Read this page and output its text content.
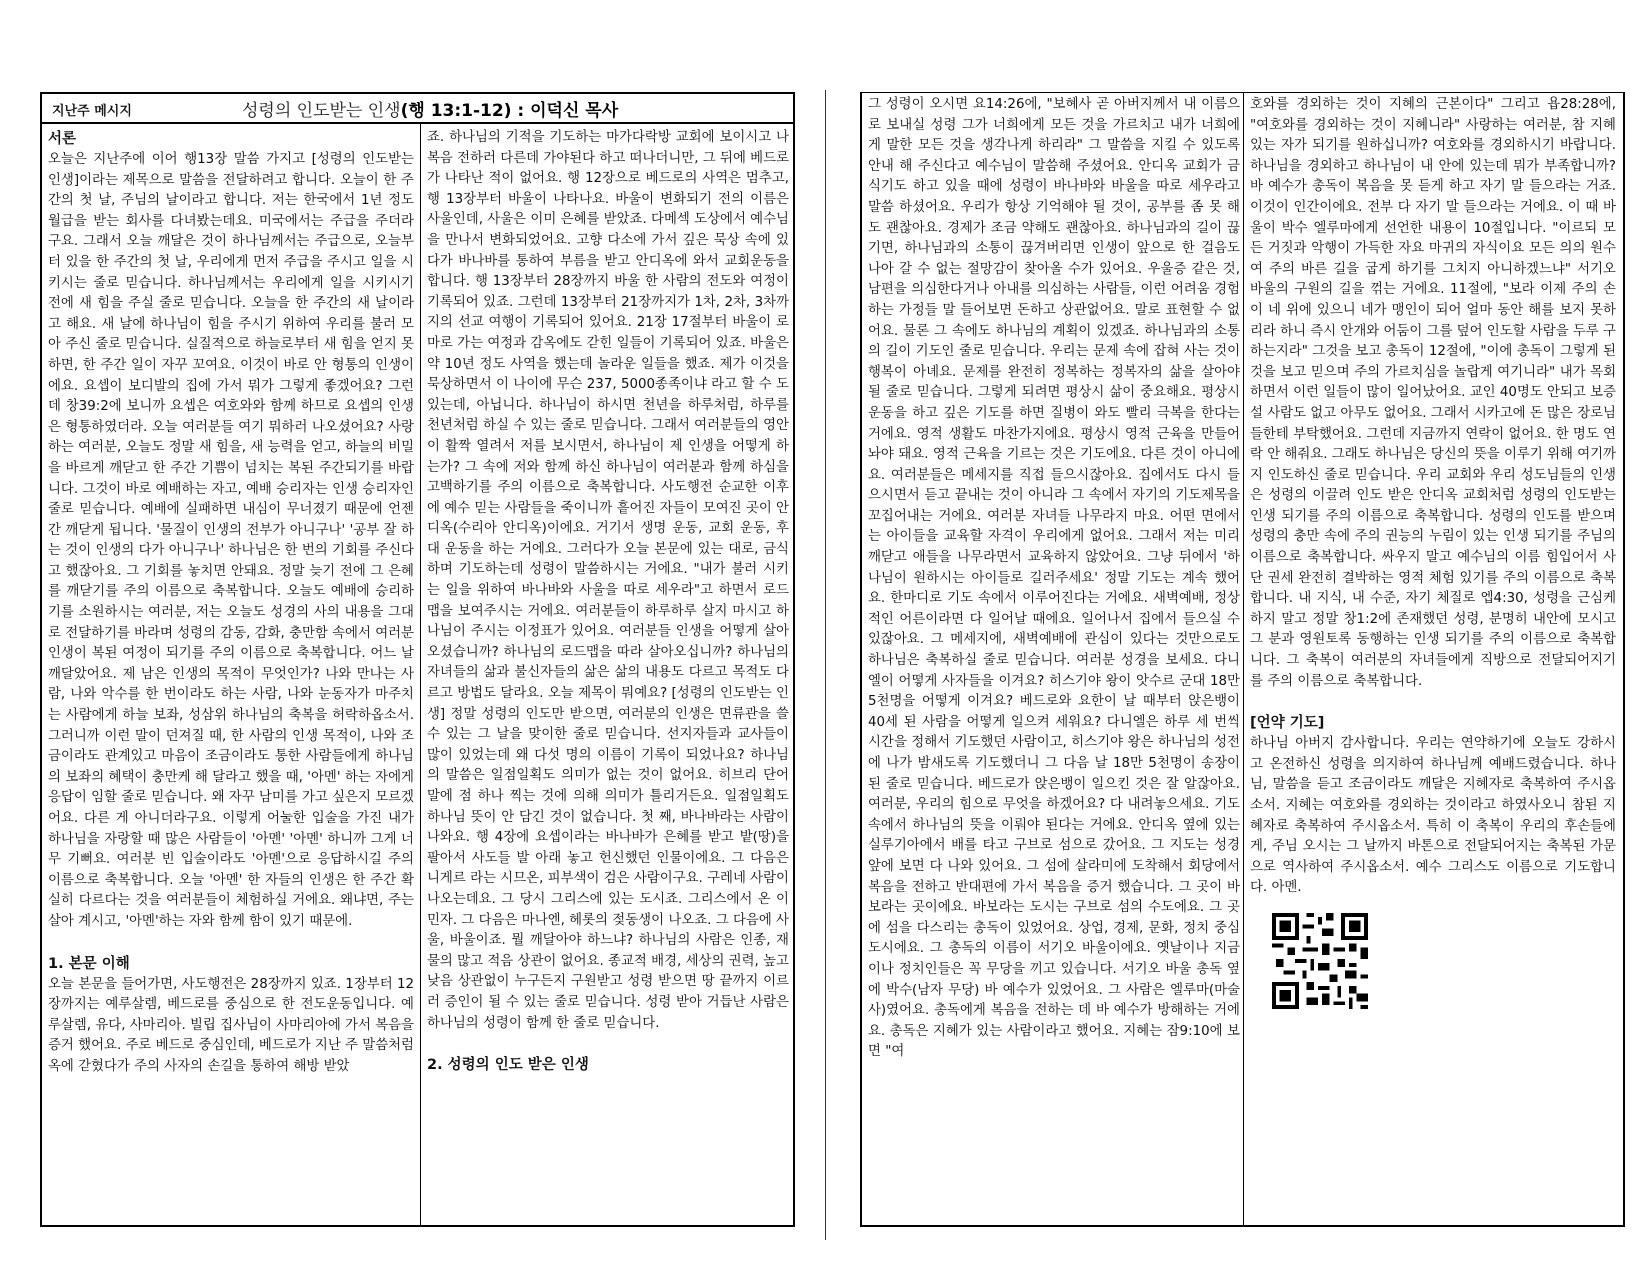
지난주 메시지	성령의 인도받는 인생(행 13:1-12) : 이덕신 목사
서론

오늘은 지난주에 이어 행13장 말씀 가지고 [성령의 인도받는 인생]이라는 제목으로 말씀을 전달하려고 합니다. 오늘이 한 주간의 첫 날, 주님의 날이라고 합니다. 저는 한국에서 1년 정도 월급을 받는 회사를 다녀봤는데요. 미국에서는 주급을 주더라구요. 그래서 오늘 깨달은 것이 하나님께서는 주급으로, 오늘부터 있을 한 주간의 첫 날, 우리에게 먼저 주급을 주시고 일을 시키시는 줄로 믿습니다. 하나님께서는 우리에게 일을 시키시기 전에 새 힘을 주실 줄로 믿습니다. 오늘을 한 주간의 새 날이라고 해요. 새 날에 하나님이 힘을 주시기 위하여 우리를 불러 모아 주신 줄로 믿습니다. 실질적으로 하늘로부터 새 힘을 얻지 못하면, 한 주간 일이 자꾸 꼬여요. 이것이 바로 안 형통의 인생이에요. 요셉이 보디발의 집에 가서 뭐가 그렇게 좋겠어요? 그런데 창39:2에 보니까 요셉은 여호와와 함께 하므로 요셉의 인생은 형통하였더라. 오늘 여러분들 여기 뭐하러 나오셨어요? 사랑하는 여러분, 오늘도 정말 새 힘을, 새 능력을 얻고, 하늘의 비밀을 바르게 깨닫고 한 주간 기쁨이 넘치는 복된 주간되기를 바랍니다. 그것이 바로 예배하는 자고, 예배 승리자는 인생 승리자인 줄로 믿습니다. 예배에 실패하면 내심이 무너졌기 때문에 언젠간 깨닫게 됩니다. '물질이 인생의 전부가 아니구나' '공부 잘 하는 것이 인생의 다가 아니구나' 하나님은 한 번의 기회를 주신다고 했잖아요. 그 기회를 놓치면 안돼요. 정말 늦기 전에 그 은혜를 깨닫기를 주의 이름으로 축복합니다. 오늘도 예배에 승리하기를 소원하시는 여러분, 저는 오늘도 성경의 사의 내용을 그대로 전달하기를 바라며 성령의 감동, 감화, 충만함 속에서 여러분 인생이 복된 여정이 되기를 주의 이름으로 축복합니다. 어느 날 깨달았어요. 제 남은 인생의 목적이 무엇인가? 나와 만나는 사람, 나와 악수를 한 번이라도 하는 사람, 나와 눈동자가 마주치는 사람에게 하늘 보좌, 성삼위 하나님의 축복을 허락하옵소서. 그러니까 이런 말이 던져질 때, 한 사람의 인생 목적이, 나와 조금이라도 관계있고 마음이 조금이라도 통한 사람들에게 하나님의 보좌의 혜택이 충만케 해 달라고 했을 때, '아멘' 하는 자에게 응답이 임할 줄로 믿습니다. 왜 자꾸 남미를 가고 싶은지 모르겠어요. 다른 게 아니더라구요. 이렇게 어눌한 입술을 가진 내가 하나님을 자랑할 때 많은 사람들이 '아멘' '아멘' 하니까 그게 너무 기뻐요. 여러분 빈 입술이라도 '아멘'으로 응답하시길 주의 이름으로 축복합니다. 오늘 '아멘' 한 자들의 인생은 한 주간 확실히 다르다는 것을 여러분들이 체험하실 거에요. 왜냐면, 주는 살아 계시고, '아멘'하는 자와 함께 함이 있기 때문에.

1. 본문 이해

오늘 본문을 들어가면, 사도행전은 28장까지 있죠. 1장부터 12장까지는 예루살렘, 베드로를 중심으로 한 전도운동입니다. 예루살렘, 유다, 사마리아. 빌립 집사님이 사마리아에 가서 복음을 증거 했어요. 주로 베드로 중심인데, 베드로가 지난 주 말씀처럼 옥에 갇혔다가 주의 사자의 손길을 통하여 해방 받았

죠. 하나님의 기적을 기도하는 마가다락방 교회에 보이시고 나 복음 전하러 다른데 가야된다 하고 떠나더니만, 그 뒤에 베드로가 나타난 적이 없어요. 행 12장으로 베드로의 사역은 멈추고, 행 13장부터 바울이 나타나요. 바울이 변화되기 전의 이름은 사울인데, 사울은 이미 은혜를 받았죠. 다메섹 도상에서 예수님을 만나서 변화되었어요. 고향 다소에 가서 깊은 묵상 속에 있다가 바나바를 통하여 부름을 받고 안디옥에 와서 교회운동을 합니다. 행 13장부터 28장까지 바울 한 사람의 전도와 여정이 기록되어 있죠. 그런데 13장부터 21장까지가 1차, 2차, 3차까지의 선교 여행이 기록되어 있어요. 21장 17절부터 바울이 로마로 가는 여정과 감옥에도 갇힌 일들이 기록되어 있죠. 바울은 약 10년 정도 사역을 했는데 놀라운 일들을 했죠. 제가 이것을 묵상하면서 이 나이에 무슨 237, 5000종족이냐 라고 할 수 도 있는데, 아닙니다. 하나님이 하시면 천년을 하루처럼, 하루를 천년처럼 하실 수 있는 줄로 믿습니다. 그래서 여러분들의 영안이 활짝 열려서 저를 보시면서, 하나님이 제 인생을 어떻게 하는가? 그 속에 저와 함께 하신 하나님이 여러분과 함께 하심을 고백하기를 주의 이름으로 축복합니다. 사도행전 순교한 이후에 예수 믿는 사람들을 죽이니까 흩어진 자들이 모여진 곳이 안디옥(수리아 안디옥)이에요. 거기서 생명 운동, 교회 운동, 후대 운동을 하는 거에요. 그러다가 오늘 본문에 있는 대로, 금식하며 기도하는데 성령이 말씀하시는 거에요. "내가 불러 시키는 일을 위하여 바나바와 사울을 따로 세우라"고 하면서 로드맵을 보여주시는 거에요. 여러분들이 하루하루 살지 마시고 하나님이 주시는 이정표가 있어요. 여러분들 인생을 어떻게 살아 오셨습니까? 하나님의 로드맵을 따라 살아오십니까? 하나님의 자녀들의 삶과 불신자들의 삶은 삶의 내용도 다르고 목적도 다르고 방법도 달라요. 오늘 제목이 뭐예요? [성령의 인도받는 인생] 정말 성령의 인도만 받으면, 여러분의 인생은 면류관을 쓸 수 있는 그 날을 맞이한 줄로 믿습니다. 선지자들과 교사들이 많이 있었는데 왜 다섯 명의 이름이 기록이 되었나요? 하나님의 말씀은 일점일획도 의미가 없는 것이 없어요. 히브리 단어 말에 점 하나 찍는 것에 의해 의미가 틀리거든요. 일점일획도 하나님 뜻이 안 담긴 것이 없습니다. 첫 째, 바나바라는 사람이 나와요. 행 4장에 요셉이라는 바나바가 은혜를 받고 밭(땅)을 팔아서 사도들 발 아래 놓고 헌신했던 인물이에요. 그 다음은 니게르 라는 시므온, 피부색이 검은 사람이구요. 구레네 사람이 나오는데요. 그 당시 그리스에 있는 도시죠. 그리스에서 온 이민자. 그 다음은 마나엔, 헤롯의 젖동생이 나오죠. 그 다음에 사울, 바울이죠. 뭘 깨달아야 하느냐? 하나님의 사람은 인종, 재물의 많고 적음 상관이 없어요. 종교적 배경, 세상의 권력, 높고 낮음 상관없이 누구든지 구원받고 성령 받으면 땅 끝까지 이르러 증인이 될 수 있는 줄로 믿습니다. 성령 받아 거듭난 사람은 하나님의 성령이 함께 한 줄로 믿습니다.

2. 성령의 인도 받은 인생

그 성령이 오시면 요14:26에, "보혜사 곧 아버지께서 내 이름으로 보내실 성령 그가 너희에게 모든 것을 가르치고 내가 너희에게 말한 모든 것을 생각나게 하리라" 그 말씀을 지킬 수 있도록 안내 해 주신다고 예수님이 말씀해 주셨어요. 안디옥 교회가 금식기도 하고 있을 때에 성령이 바나바와 바울을 따로 세우라고 말씀 하셨어요. 우리가 항상 기억해야 될 것이, 공부를 좀 못 해도 괜찮아요. 경제가 조금 약해도 괜찮아요. 하나님과의 길이 끊기면, 하나님과의 소통이 끊겨버리면 인생이 앞으로 한 걸음도 나아 갈 수 없는 절망감이 찾아올 수가 있어요. 우울증 같은 것, 남편을 의심한다거나 아내를 의심하는 사람들, 이런 어려움 경험하는 가정들 말 들어보면 돈하고 상관없어요. 말로 표현할 수 없어요. 물론 그 속에도 하나님의 계획이 있겠죠. 하나님과의 소통의 길이 기도인 줄로 믿습니다. 우리는 문제 속에 잡혀 사는 것이 행복이 아녜요. 문제를 완전히 정복하는 정복자의 삶을 살아야 될 줄로 믿습니다. 그렇게 되려면 평상시 삶이 중요해요. 평상시 운동을 하고 깊은 기도를 하면 질병이 와도 빨리 극복을 한다는 거에요. 영적 생활도 마찬가지에요. 평상시 영적 근육을 만들어 놔야 돼요. 영적 근육을 기르는 것은 기도에요. 다른 것이 아니에요. 여러분들은 메세지를 직접 들으시잖아요. 집에서도 다시 들으시면서 듣고 끝내는 것이 아니라 그 속에서 자기의 기도제목을 꼬집어내는 거에요. 여러분 자녀들 나무라지 마요. 어떤 면에서는 아이들을 교육할 자격이 우리에게 없어요. 그래서 저는 미리 깨닫고 애들을 나무라면서 교육하지 않았어요. 그냥 뒤에서 '하나님이 원하시는 아이들로 길러주세요' 정말 기도는 계속 했어요. 한마디로 기도 속에서 이루어진다는 거에요. 새벽예배, 정상적인 어른이라면 다 일어날 때에요. 일어나서 집에서 들으실 수 있잖아요. 그 메세지에, 새벽예배에 관심이 있다는 것만으로도 하나님은 축복하실 줄로 믿습니다. 여러분 성경을 보세요. 다니엘이 어떻게 사자들을 이겨요? 히스기야 왕이 앗수르 군대 18만 5천명을 어떻게 이겨요? 베드로와 요한이 날 때부터 앉은뱅이 40세 된 사람을 어떻게 일으켜 세워요? 다니엘은 하루 세 번씩 시간을 정해서 기도했던 사람이고, 히스기야 왕은 하나님의 성전에 나가 밤새도록 기도했더니 그 다음 날 18만 5천명이 송장이 된 줄로 믿습니다. 베드로가 앉은뱅이 일으킨 것은 잘 알잖아요. 여러분, 우리의 힘으로 무엇을 하겠어요? 다 내려놓으세요. 기도 속에서 하나님의 뜻을 이뤄야 된다는 거에요. 안디옥 옆에 있는 실루기아에서 배를 타고 구브로 섬으로 갔어요. 그 지도는 성경 앞에 보면 다 나와 있어요. 그 섬에 살라미에 도착해서 회당에서 복음을 전하고 반대편에 가서 복음을 증거 했습니다. 그 곳이 바보라는 곳이에요. 바보라는 도시는 구브로 섬의 수도에요. 그 곳에 섬을 다스리는 총독이 있었어요. 상업, 경제, 문화, 정치 중심 도시에요. 그 총독의 이름이 서기오 바울이에요. 옛날이나 지금이나 정치인들은 꼭 무당을 끼고 있습니다. 서기오 바울 총독 옆에 박수(남자 무당) 바 예수가 있었어요. 그 사람은 엘루마(마술사)였어요. 총독에게 복음을 전하는 데 바 예수가 방해하는 거에요. 총독은 지혜가 있는 사람이라고 했어요. 지혜는 잠9:10에 보면 "여

호와를 경외하는 것이 지혜의 근본이다" 그리고 욥28:28에, "여호와를 경외하는 것이 지혜니라" 사랑하는 여러분, 참 지혜 있는 자가 되기를 원하십니까? 여호와를 경외하시기 바랍니다. 하나님을 경외하고 하나님이 내 안에 있는데 뭐가 부족합니까? 바 예수가 총독이 복음을 못 듣게 하고 자기 말 들으라는 거죠. 이것이 인간이에요. 전부 다 자기 말 들으라는 거에요. 이 때 바울이 박수 엘루마에게 선언한 내용이 10절입니다. "이르되 모든 거짓과 악행이 가득한 자요 마귀의 자식이요 모든 의의 원수여 주의 바른 길을 굽게 하기를 그치지 아니하겠느냐" 서기오 바울의 구원의 길을 꺾는 거에요. 11절에, "보라 이제 주의 손이 네 위에 있으니 네가 맹인이 되어 얼마 동안 해를 보지 못하리라 하니 즉시 안개와 어둠이 그를 덮어 인도할 사람을 두루 구하는지라" 그것을 보고 총독이 12절에, "이에 총독이 그렇게 된 것을 보고 믿으며 주의 가르치심을 놀랍게 여기니라" 내가 목회하면서 이런 일들이 많이 일어났어요. 교인 40명도 안되고 보증 설 사람도 없고 아무도 없어요. 그래서 시카고에 돈 많은 장로님들한테 부탁했어요. 그런데 지금까지 연락이 없어요. 한 명도 연락 안 해줘요. 그래도 하나님은 당신의 뜻을 이루기 위해 여기까지 인도하신 줄로 믿습니다. 우리 교회와 우리 성도님들의 인생은 성령의 이끌려 인도 받은 안디옥 교회처럼 성령의 인도받는 인생 되기를 주의 이름으로 축복합니다. 성령의 인도를 받으며 성령의 충만 속에 주의 권능의 누림이 있는 인생 되기를 주님의 이름으로 축복합니다. 싸우지 말고 예수님의 이름 힘입어서 사단 권세 완전히 결박하는 영적 체험 있기를 주의 이름으로 축복합니다. 내 지식, 내 수준, 자기 체질로 엡4:30, 성령을 근심케 하지 말고 정말 창1:2에 존재했던 성령, 분명히 내안에 모시고 그 분과 영원토록 동행하는 인생 되기를 주의 이름으로 축복합니다. 그 축복이 여러분의 자녀들에게 직방으로 전달되어지기를 주의 이름으로 축복합니다.

[언약 기도]

하나님 아버지 감사합니다. 우리는 연약하기에 오늘도 강하시고 온전하신 성령을 의지하여 하나님께 예배드렸습니다. 하나님, 말씀을 듣고 조금이라도 깨달은 지혜자로 축복하여 주시옵소서. 지혜는 여호와를 경외하는 것이라고 하였사오니 참된 지혜자로 축복하여 주시옵소서. 특히 이 축복이 우리의 후손들에게, 주님 오시는 그 날까지 바톤으로 전달되어지는 축복된 가문으로 역사하여 주시옵소서. 예수 그리스도 이름으로 기도합니다. 아멘.
